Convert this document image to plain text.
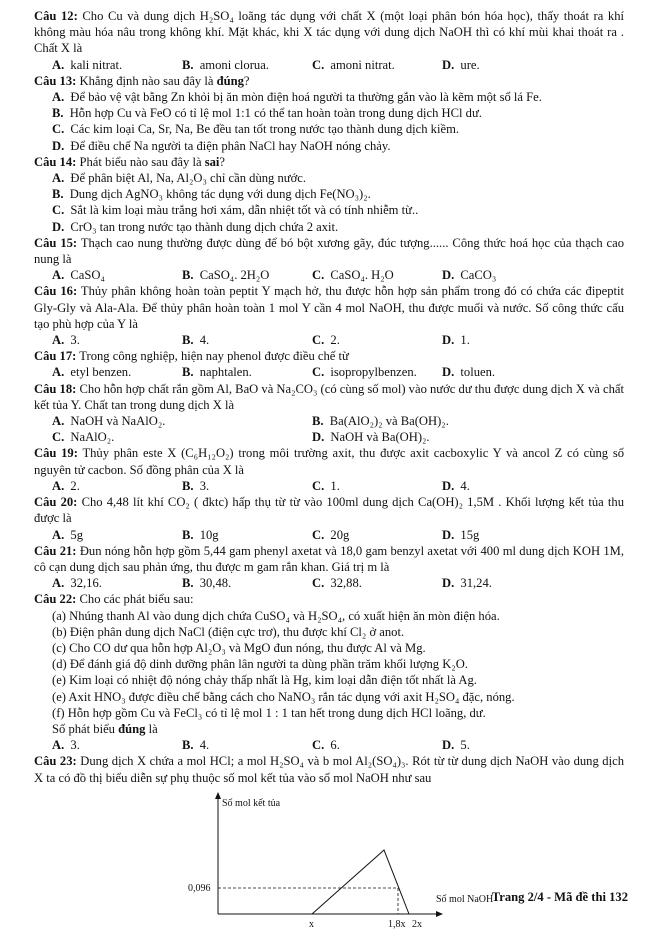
Câu 12: Cho Cu và dung dịch H₂SO₄ loãng tác dụng với chất X (một loại phân bón hóa học), thấy thoát ra khí không màu hóa nâu trong không khí. Mặt khác, khi X tác dụng với dung dịch NaOH thì có khí mùi khai thoát ra . Chất X là

A. kali nitrat.	B. amoni clorua.	C. amoni nitrat.	D. ure.

Câu 13: Khẳng định nào sau đây là đúng?

A. Để bảo vệ vật bằng Zn khỏi bị ăn mòn điện hoá người ta thường gắn vào là kẽm một số lá Fe.
B. Hỗn hợp Cu và FeO có tỉ lệ mol 1:1 có thể tan hoàn toàn trong dung dịch HCl dư.
C. Các kim loại Ca, Sr, Na, Be đều tan tốt trong nước tạo thành dung dịch kiềm.
D. Để điều chế Na người ta điện phân NaCl hay NaOH nóng chảy.

Câu 14: Phát biểu nào sau đây là sai?

A. Để phân biệt Al, Na, Al₂O₃ chỉ cần dùng nước.
B. Dung dịch AgNO₃ không tác dụng với dung dịch Fe(NO₃)₂.
C. Sắt là kim loại màu trắng hơi xám, dẫn nhiệt tốt và có tính nhiễm từ..
D. CrO₃ tan trong nước tạo thành dung dịch chứa 2 axit.

Câu 15: Thạch cao nung thường được dùng để bó bột xương gãy, đúc tượng...... Công thức hoá học của thạch cao nung là

A. CaSO₄	B. CaSO₄. 2H₂O	C. CaSO₄. H₂O	D. CaCO₃

Câu 16: Thủy phân không hoàn toàn peptit Y mạch hở, thu được hỗn hợp sản phẩm trong đó có chứa các đipeptit Gly-Gly và Ala-Ala. Để thủy phân hoàn toàn 1 mol Y cần 4 mol NaOH, thu được muối và nước. Số công thức cấu tạo phù hợp của Y là

A. 3.	B. 4.	C. 2.	D. 1.

Câu 17: Trong công nghiệp, hiện nay phenol được điều chế từ

A. etyl benzen.	B. naphtalen.	C. isopropylbenzen.	D. toluen.

Câu 18: Cho hỗn hợp chất rắn gồm Al, BaO và Na₂CO₃ (có cùng số mol) vào nước dư thu được dung dịch X và chất kết tủa Y. Chất tan trong dung dịch X là

A. NaOH và NaAlO₂.	B. Ba(AlO₂)₂ và Ba(OH)₂.
C. NaAlO₂.	D. NaOH và Ba(OH)₂.

Câu 19: Thủy phân este X (C₆H₁₂O₂) trong môi trường axit, thu được axit cacboxylic Y và ancol Z có cùng số nguyên tử cacbon. Số đồng phân của X là

A. 2.	B. 3.	C. 1.	D. 4.

Câu 20: Cho 4,48 lít khí CO₂ ( đktc) hấp thụ từ từ vào 100ml dung dịch Ca(OH)₂ 1,5M . Khối lượng kết tủa thu được là

A. 5g	B. 10g	C. 20g	D. 15g

Câu 21: Đun nóng hỗn hợp gồm 5,44 gam phenyl axetat và 18,0 gam benzyl axetat với 400 ml dung dịch KOH 1M, cô cạn dung dịch sau phản ứng, thu được m gam rắn khan. Giá trị m là

A. 32,16.	B. 30,48.	C. 32,88.	D. 31,24.

Câu 22: Cho các phát biểu sau:

(a) Nhúng thanh Al vào dung dịch chứa CuSO₄ và H₂SO₄, có xuất hiện ăn mòn điện hóa.
(b) Điện phân dung dịch NaCl (điện cực trơ), thu được khí Cl₂ ở anot.
(c) Cho CO dư qua hỗn hợp Al₂O₃ và MgO đun nóng, thu được Al và Mg.
(d) Để đánh giá độ dinh dưỡng phân lân người ta dùng phần trăm khối lượng K₂O.
(e) Kim loại có nhiệt độ nóng chảy thấp nhất là Hg, kim loại dẫn điện tốt nhất là Ag.
(e) Axit HNO₃ được điều chế bằng cách cho NaNO₃ rắn tác dụng với axit H₂SO₄ đặc, nóng.
(f) Hỗn hợp gồm Cu và FeCl₃ có tỉ lệ mol 1 : 1 tan hết trong dung dịch HCl loãng, dư.
Số phát biểu đúng là
A. 3.	B. 4.	C. 6.	D. 5.

Câu 23: Dung dịch X chứa a mol HCl; a mol H₂SO₄ và b mol Al₂(SO₄)₃. Rót từ từ dung dịch NaOH vào dung dịch X ta có đồ thị biểu diễn sự phụ thuộc số mol kết tủa vào số mol NaOH như sau

Số mol kết tủa
Số mol NaOH
0,096
x	1,8x 2x
Trang 2/4 - Mã đề thi 132
